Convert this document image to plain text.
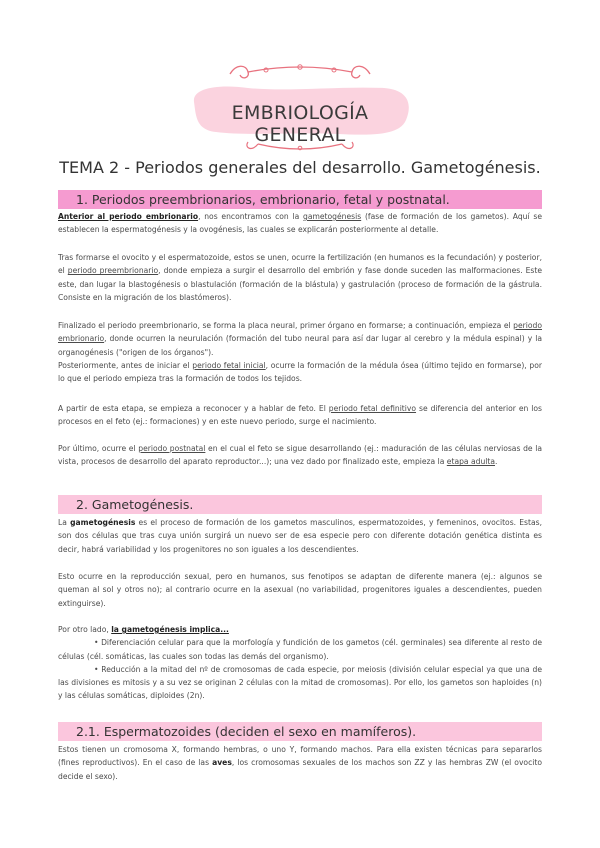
EMBRIOLOGÍA GENERAL
TEMA 2 - Periodos generales del desarrollo. Gametogénesis.
1. Periodos preembrionarios, embrionario, fetal y postnatal.
Anterior al periodo embrionario, nos encontramos con la gametogénesis (fase de formación de los gametos). Aquí se establecen la espermatogénesis y la ovogénesis, las cuales se explicarán posteriormente al detalle.
Tras formarse el ovocito y el espermatozoide, estos se unen, ocurre la fertilización (en humanos es la fecundación) y posterior, el periodo preembrionario, donde empieza a surgir el desarrollo del embrión y fase donde suceden las malformaciones. Este este, dan lugar la blastogénesis o blastulación (formación de la blástula) y gastrulación (proceso de formación de la gástrula. Consiste en la migración de los blastómeros).
Finalizado el periodo preembrionario, se forma la placa neural, primer órgano en formarse; a continuación, empieza el periodo embrionario, donde ocurren la neurulación (formación del tubo neural para así dar lugar al cerebro y la médula espinal) y la organogénesis ("origen de los órganos").
Posteriormente, antes de iniciar el periodo fetal inicial, ocurre la formación de la médula ósea (último tejido en formarse), por lo que el periodo empieza tras la formación de todos los tejidos.
A partir de esta etapa, se empieza a reconocer y a hablar de feto. El periodo fetal definitivo se diferencia del anterior en los procesos en el feto (ej.: formaciones) y en este nuevo periodo, surge el nacimiento.
Por último, ocurre el periodo postnatal en el cual el feto se sigue desarrollando (ej.: maduración de las células nerviosas de la vista, procesos de desarrollo del aparato reproductor...); una vez dado por finalizado este, empieza la etapa adulta.
2. Gametogénesis.
La gametogénesis es el proceso de formación de los gametos masculinos, espermatozoides, y femeninos, ovocitos. Estas, son dos células que tras cuya unión surgirá un nuevo ser de esa especie pero con diferente dotación genética distinta es decir, habrá variabilidad y los progenitores no son iguales a los descendientes.
Esto ocurre en la reproducción sexual, pero en humanos, sus fenotipos se adaptan de diferente manera (ej.: algunos se queman al sol y otros no); al contrario ocurre en la asexual (no variabilidad, progenitores iguales a descendientes, pueden extinguirse).
Por otro lado, la gametogénesis implica...
• Diferenciación celular para que la morfología y fundición de los gametos (cél. germinales) sea diferente al resto de células (cél. somáticas, las cuales son todas las demás del organismo).
• Reducción a la mitad del nº de cromosomas de cada especie, por meiosis (división celular especial ya que una de las divisiones es mitosis y a su vez se originan 2 células con la mitad de cromosomas). Por ello, los gametos son haploides (n) y las células somáticas, diploides (2n).
2.1. Espermatozoides (deciden el sexo en mamíferos).
Estos tienen un cromosoma X, formando hembras, o uno Y, formando machos. Para ella existen técnicas para separarlos (fines reproductivos). En el caso de las aves, los cromosomas sexuales de los machos son ZZ y las hembras ZW (el ovocito decide el sexo).
